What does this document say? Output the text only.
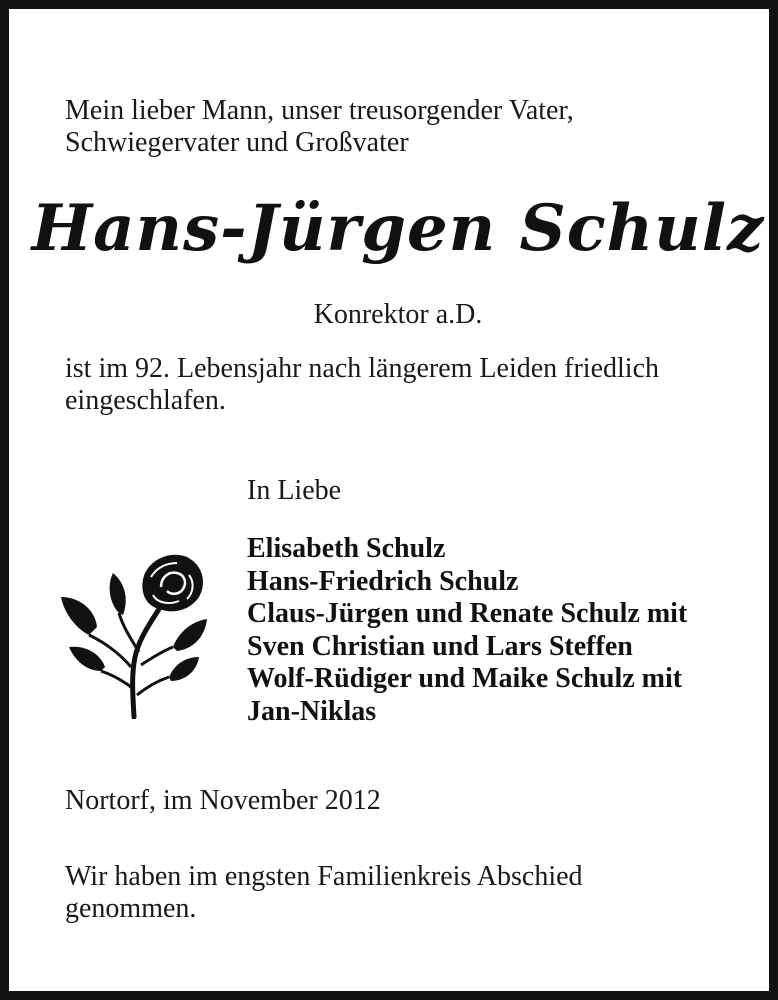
Mein lieber Mann, unser treusorgender Vater,
Schwiegervater und Großvater
Hans-Jürgen Schulz
Konrektor a.D.
ist im 92. Lebensjahr nach längerem Leiden friedlich
eingeschlafen.
In Liebe
Elisabeth Schulz
Hans-Friedrich Schulz
Claus-Jürgen und Renate Schulz mit
Sven Christian und Lars Steffen
Wolf-Rüdiger und Maike Schulz mit
Jan-Niklas
Nortorf, im November 2012
Wir haben im engsten Familienkreis Abschied
genommen.
